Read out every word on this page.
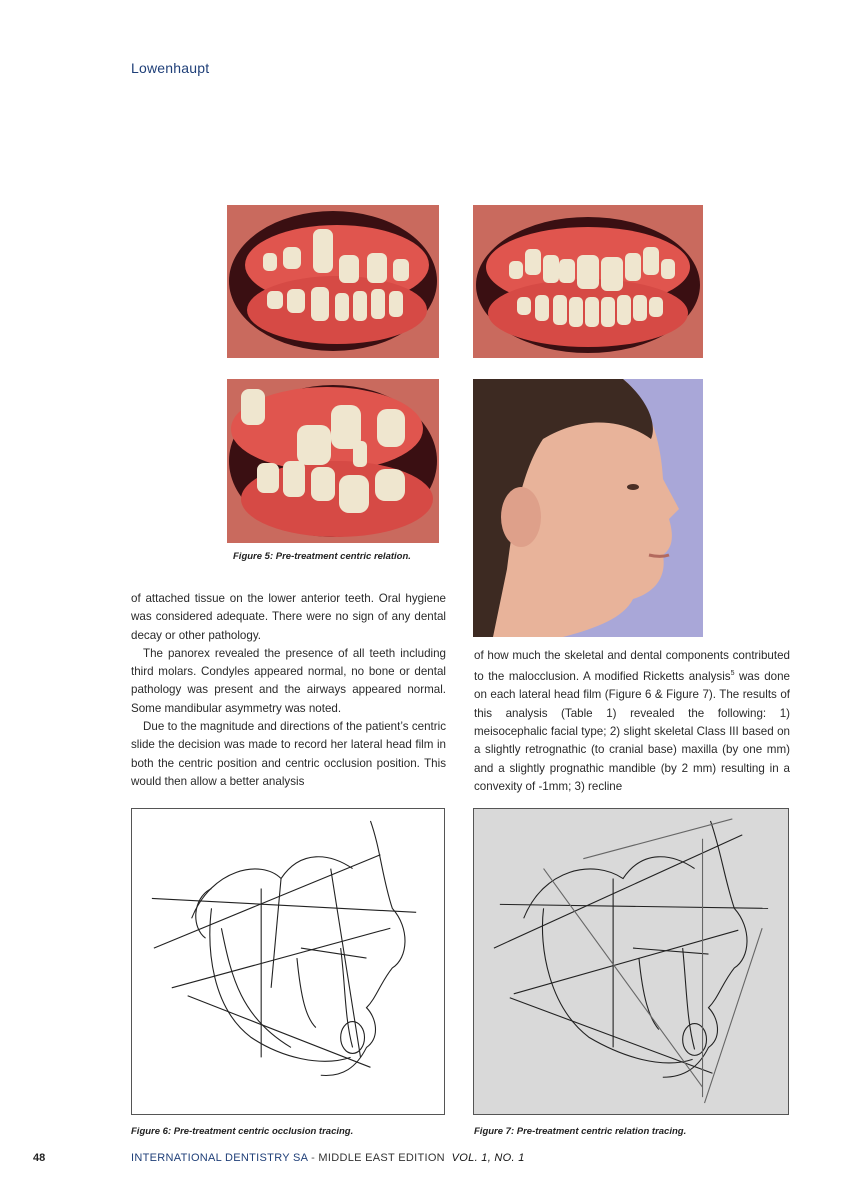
Lowenhaupt
Figure 5: Pre-treatment centric relation.

of attached tissue on the lower anterior teeth. Oral hygiene was considered adequate. There were no sign of any dental decay or other pathology.

The panorex revealed the presence of all teeth including third molars. Condyles appeared normal, no bone or dental pathology was present and the airways appeared normal. Some mandibular asymmetry was noted.

Due to the magnitude and directions of the patient’s centric slide the decision was made to record her lateral head film in both the centric position and centric occlusion position. This would then allow a better analysis

of how much the skeletal and dental components contributed to the malocclusion. A modified Ricketts analysis$^5$ was done on each lateral head film (Figure 6 & Figure 7). The results of this analysis (Table 1) revealed the following: 1) meisocephalic facial type; 2) slight skeletal Class III based on a slightly retrognathic (to cranial base) maxilla (by one mm) and a slightly prognathic mandible (by 2 mm) resulting in a convexity of -1mm; 3) recline

Figure 6: Pre-treatment centric occlusion tracing.	Figure 7: Pre-treatment centric relation tracing.
48	INTERNATIONAL DENTISTRY SA - MIDDLE EAST EDITION VOL. 1, NO. 1
